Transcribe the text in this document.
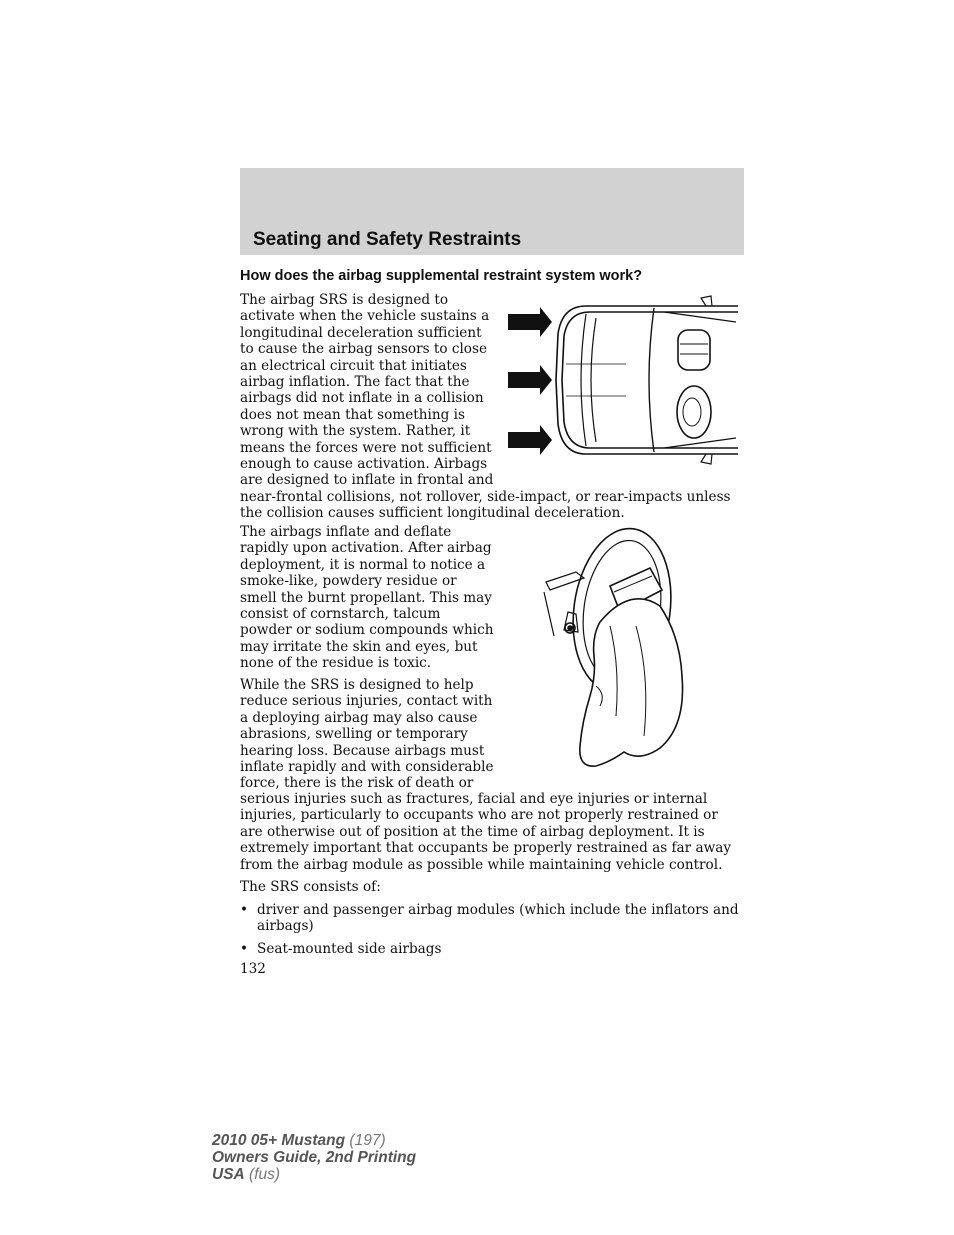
Seating and Safety Restraints
How does the airbag supplemental restraint system work?
The airbag SRS is designed to
activate when the vehicle sustains a
longitudinal deceleration sufficient
to cause the airbag sensors to close
an electrical circuit that initiates
airbag inflation. The fact that the
airbags did not inflate in a collision
does not mean that something is
wrong with the system. Rather, it
means the forces were not sufficient
enough to cause activation. Airbags
are designed to inflate in frontal and

near-frontal collisions, not rollover, side-impact, or rear-impacts unless the collision causes sufficient longitudinal deceleration.

The airbags inflate and deflate
rapidly upon activation. After airbag
deployment, it is normal to notice a
smoke-like, powdery residue or
smell the burnt propellant. This may
consist of cornstarch, talcum
powder or sodium compounds which
may irritate the skin and eyes, but
none of the residue is toxic.
While the SRS is designed to help
reduce serious injuries, contact with
a deploying airbag may also cause
abrasions, swelling or temporary
hearing loss. Because airbags must
inflate rapidly and with considerable
force, there is the risk of death or

serious injuries such as fractures, facial and eye injuries or internal injuries, particularly to occupants who are not properly restrained or are otherwise out of position at the time of airbag deployment. It is extremely important that occupants be properly restrained as far away from the airbag module as possible while maintaining vehicle control.

The SRS consists of:

• driver and passenger airbag modules (which include the inflators and airbags)
• Seat-mounted side airbags

132

2010 05+ Mustang (197)
Owners Guide, 2nd Printing
USA (fus)
